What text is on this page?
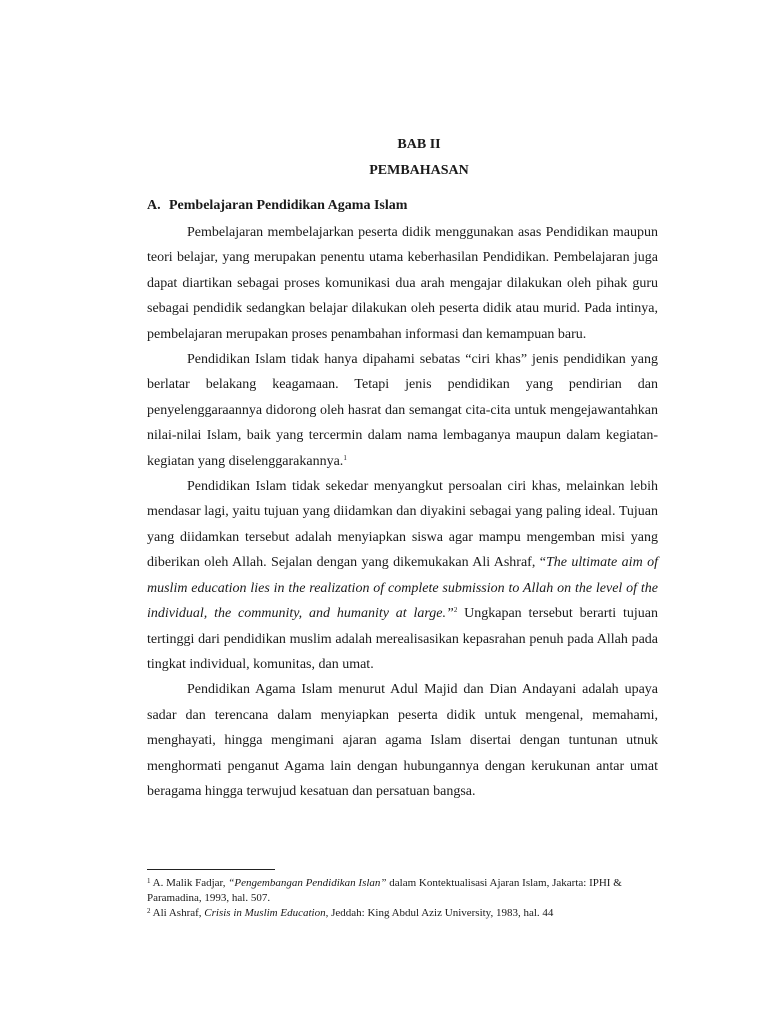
BAB II
PEMBAHASAN
A. Pembelajaran Pendidikan Agama Islam

Pembelajaran membelajarkan peserta didik menggunakan asas Pendidikan maupun teori belajar, yang merupakan penentu utama keberhasilan Pendidikan. Pembelajaran juga dapat diartikan sebagai proses komunikasi dua arah mengajar dilakukan oleh pihak guru sebagai pendidik sedangkan belajar dilakukan oleh peserta didik atau murid. Pada intinya, pembelajaran merupakan proses penambahan informasi dan kemampuan baru.

Pendidikan Islam tidak hanya dipahami sebatas “ciri khas” jenis pendidikan yang berlatar belakang keagamaan. Tetapi jenis pendidikan yang pendirian dan penyelenggaraannya didorong oleh hasrat dan semangat cita-cita untuk mengejawantahkan nilai-nilai Islam, baik yang tercermin dalam nama lembaganya maupun dalam kegiatan-kegiatan yang diselenggarakannya.$^1$

Pendidikan Islam tidak sekedar menyangkut persoalan ciri khas, melainkan lebih mendasar lagi, yaitu tujuan yang diidamkan dan diyakini sebagai yang paling ideal. Tujuan yang diidamkan tersebut adalah menyiapkan siswa agar mampu mengemban misi yang diberikan oleh Allah. Sejalan dengan yang dikemukakan Ali Ashraf, “The ultimate aim of muslim education lies in the realization of complete submission to Allah on the level of the individual, the community, and humanity at large.”$^2$ Ungkapan tersebut berarti tujuan tertinggi dari pendidikan muslim adalah merealisasikan kepasrahan penuh pada Allah pada tingkat individual, komunitas, dan umat.

Pendidikan Agama Islam menurut Adul Majid dan Dian Andayani adalah upaya sadar dan terencana dalam menyiapkan peserta didik untuk mengenal, memahami, menghayati, hingga mengimani ajaran agama Islam disertai dengan tuntunan utnuk menghormati penganut Agama lain dengan hubungannya dengan kerukunan antar umat beragama hingga terwujud kesatuan dan persatuan bangsa.

$^1$ A. Malik Fadjar, “Pengembangan Pendidikan Islan” dalam Kontektualisasi Ajaran Islam, Jakarta: IPHI & Paramadina, 1993, hal. 507.

$^2$ Ali Ashraf, Crisis in Muslim Education, Jeddah: King Abdul Aziz University, 1983, hal. 44
